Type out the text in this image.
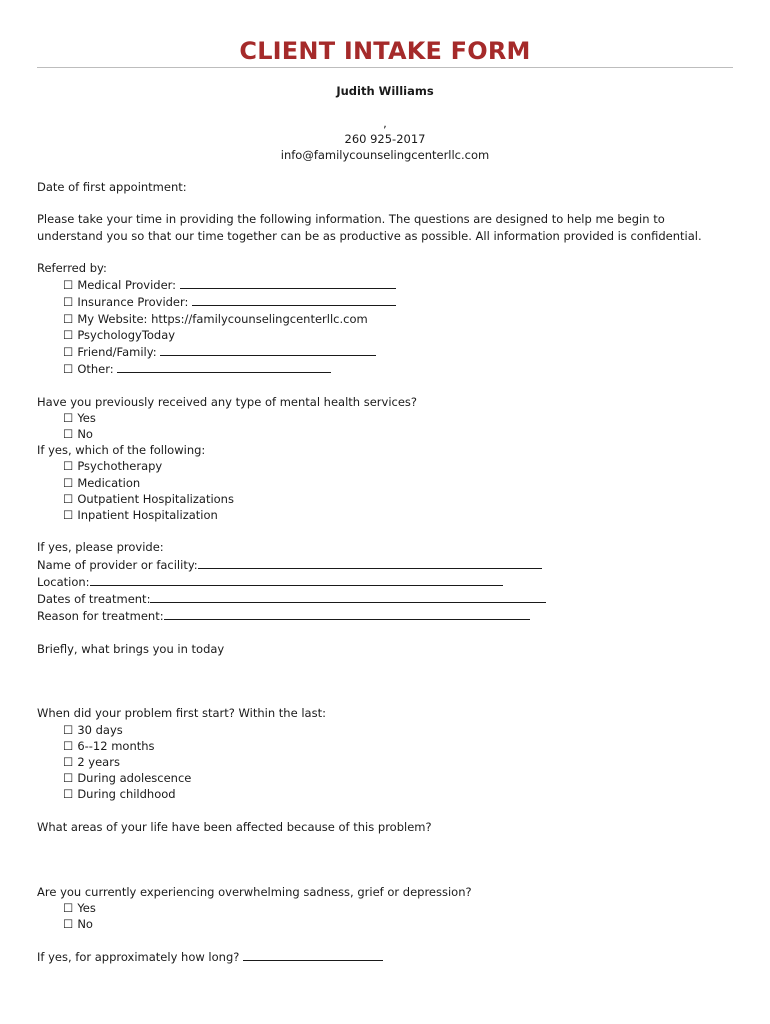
CLIENT INTAKE FORM
Judith Williams
,
260 925-2017
info@familycounselingcenterllc.com
Date of first appointment:
Please take your time in providing the following information. The questions are designed to help me begin to understand you so that our time together can be as productive as possible. All information provided is confidential.
Referred by:
☐ Medical Provider:
☐ Insurance Provider:
☐ My Website: https://familycounselingcenterllc.com
☐ PsychologyToday
☐ Friend/Family:
☐ Other:
Have you previously received any type of mental health services?
☐ Yes
☐ No
If yes, which of the following:
☐ Psychotherapy
☐ Medication
☐ Outpatient Hospitalizations
☐ Inpatient Hospitalization
If yes, please provide:
Name of provider or facility:
Location:
Dates of treatment:
Reason for treatment:
Briefly, what brings you in today
When did your problem first start? Within the last:
☐ 30 days
☐ 6--12 months
☐ 2 years
☐ During adolescence
☐ During childhood
What areas of your life have been affected because of this problem?
Are you currently experiencing overwhelming sadness, grief or depression?
☐ Yes
☐ No
If yes, for approximately how long?
